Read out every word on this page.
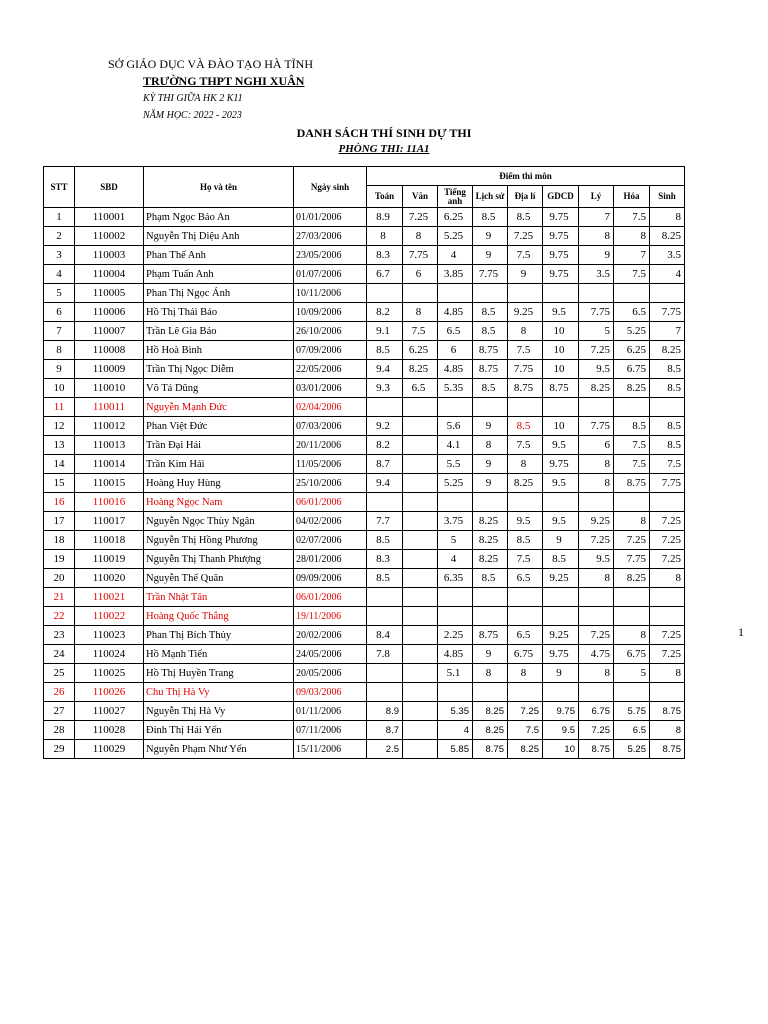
SỞ GIÁO DỤC VÀ ĐÀO TẠO HÀ TĨNH
TRƯỜNG THPT NGHI XUÂN
KỲ THI GIỮA HK 2 K11
NĂM HỌC: 2022 - 2023
DANH SÁCH THÍ SINH DỰ THI
PHÒNG THI: 11A1
1
STT	SBD	Họ và tên	Ngày sinh	Điểm thi môn								
				Toán	Văn	Tiếng anh	Lịch sử	Địa lí	GDCD	Lý	Hóa	Sinh
1	110001	Phạm Ngọc Bảo An	01/01/2006	8.9	7.25	6.25	8.5	8.5	9.75	7	7.5	8
2	110002	Nguyễn Thị Diệu Anh	27/03/2006	8	8	5.25	9	7.25	9.75	8	8	8.25
3	110003	Phan Thế Anh	23/05/2006	8.3	7.75	4	9	7.5	9.75	9	7	3.5
4	110004	Phạm Tuấn Anh	01/07/2006	6.7	6	3.85	7.75	9	9.75	3.5	7.5	4
5	110005	Phan Thị Ngọc Ánh	10/11/2006									
6	110006	Hồ Thị Thái Bảo	10/09/2006	8.2	8	4.85	8.5	9.25	9.5	7.75	6.5	7.75
7	110007	Trần Lê Gia Bảo	26/10/2006	9.1	7.5	6.5	8.5	8	10	5	5.25	7
8	110008	Hồ Hoà Bình	07/09/2006	8.5	6.25	6	8.75	7.5	10	7.25	6.25	8.25
9	110009	Trần Thị Ngọc Diễm	22/05/2006	9.4	8.25	4.85	8.75	7.75	10	9.5	6.75	8.5
10	110010	Võ Tá Dũng	03/01/2006	9.3	6.5	5.35	8.5	8.75	8.75	8.25	8.25	8.5
11	110011	Nguyễn Mạnh Đức	02/04/2006									
12	110012	Phan Việt Đức	07/03/2006	9.2		5.6	9	8.5	10	7.75	8.5	8.5
13	110013	Trần Đại Hải	20/11/2006	8.2		4.1	8	7.5	9.5	6	7.5	8.5
14	110014	Trần Kim Hải	11/05/2006	8.7		5.5	9	8	9.75	8	7.5	7.5
15	110015	Hoàng Huy Hùng	25/10/2006	9.4		5.25	9	8.25	9.5	8	8.75	7.75
16	110016	Hoàng Ngọc Nam	06/01/2006									
17	110017	Nguyễn Ngọc Thùy Ngân	04/02/2006	7.7		3.75	8.25	9.5	9.5	9.25	8	7.25
18	110018	Nguyễn Thị Hồng Phương	02/07/2006	8.5		5	8.25	8.5	9	7.25	7.25	7.25
19	110019	Nguyễn Thị Thanh Phượng	28/01/2006	8.3		4	8.25	7.5	8.5	9.5	7.75	7.25
20	110020	Nguyễn Thế Quân	09/09/2006	8.5		6.35	8.5	6.5	9.25	8	8.25	8
21	110021	Trần Nhật Tân	06/01/2006									
22	110022	Hoàng Quốc Thắng	19/11/2006									
23	110023	Phan Thị Bích Thủy	20/02/2006	8.4		2.25	8.75	6.5	9.25	7.25	8	7.25
24	110024	Hồ Mạnh Tiến	24/05/2006	7.8		4.85	9	6.75	9.75	4.75	6.75	7.25
25	110025	Hồ Thị Huyền Trang	20/05/2006			5.1	8	8	9	8	5	8
26	110026	Chu Thị Hà Vy	09/03/2006									
27	110027	Nguyễn Thị Hà Vy	01/11/2006	8.9		5.35	8.25	7.25	9.75	6.75	5.75	8.75
28	110028	Đinh Thị Hải Yến	07/11/2006	8.7		4	8.25	7.5	9.5	7.25	6.5	8
29	110029	Nguyễn Phạm Như Yến	15/11/2006	2.5		5.85	8.75	8.25	10	8.75	5.25	8.75
